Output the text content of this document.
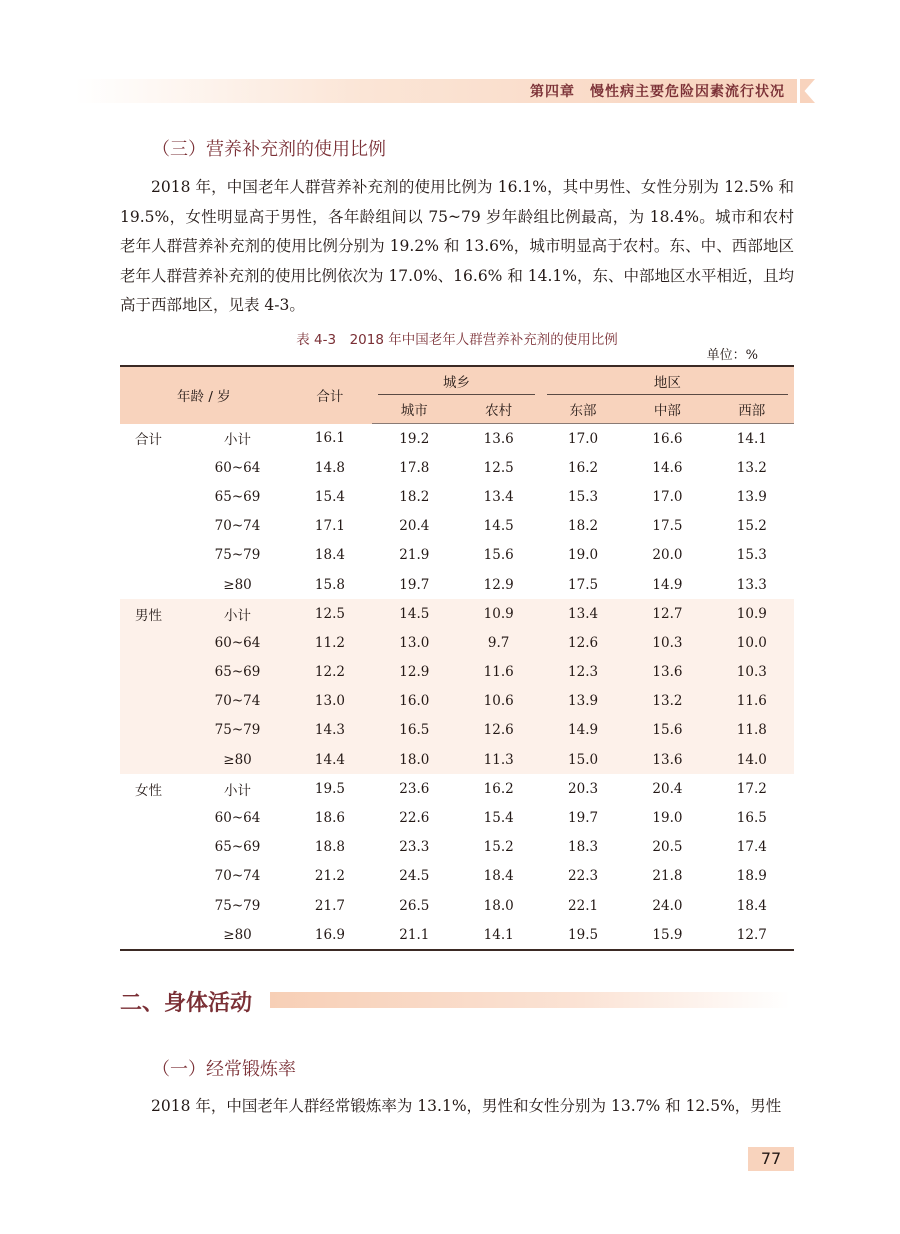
第四章　慢性病主要危险因素流行状况
（三）营养补充剂的使用比例

2018 年，中国老年人群营养补充剂的使用比例为 16.1%，其中男性、女性分别为 12.5% 和 19.5%，女性明显高于男性，各年龄组间以 75~79 岁年龄组比例最高，为 18.4%。城市和农村老年人群营养补充剂的使用比例分别为 19.2% 和 13.6%，城市明显高于农村。东、中、西部地区老年人群营养补充剂的使用比例依次为 17.0%、16.6% 和 14.1%，东、中部地区水平相近，且均高于西部地区，见表 4-3。

表 4-3　2018 年中国老年人群营养补充剂的使用比例
单位：%
年龄 / 岁		合计	城乡		地区		
			城市	农村	东部	中部	西部
合计	小计	16.1	19.2	13.6	17.0	16.6	14.1
	60~64	14.8	17.8	12.5	16.2	14.6	13.2
	65~69	15.4	18.2	13.4	15.3	17.0	13.9
	70~74	17.1	20.4	14.5	18.2	17.5	15.2
	75~79	18.4	21.9	15.6	19.0	20.0	15.3
	≥80	15.8	19.7	12.9	17.5	14.9	13.3
男性	小计	12.5	14.5	10.9	13.4	12.7	10.9
	60~64	11.2	13.0	9.7	12.6	10.3	10.0
	65~69	12.2	12.9	11.6	12.3	13.6	10.3
	70~74	13.0	16.0	10.6	13.9	13.2	11.6
	75~79	14.3	16.5	12.6	14.9	15.6	11.8
	≥80	14.4	18.0	11.3	15.0	13.6	14.0
女性	小计	19.5	23.6	16.2	20.3	20.4	17.2
	60~64	18.6	22.6	15.4	19.7	19.0	16.5
	65~69	18.8	23.3	15.2	18.3	20.5	17.4
	70~74	21.2	24.5	18.4	22.3	21.8	18.9
	75~79	21.7	26.5	18.0	22.1	24.0	18.4
	≥80	16.9	21.1	14.1	19.5	15.9	12.7
二、身体活动
（一）经常锻炼率

2018 年，中国老年人群经常锻炼率为 13.1%，男性和女性分别为 13.7% 和 12.5%，男性

77
